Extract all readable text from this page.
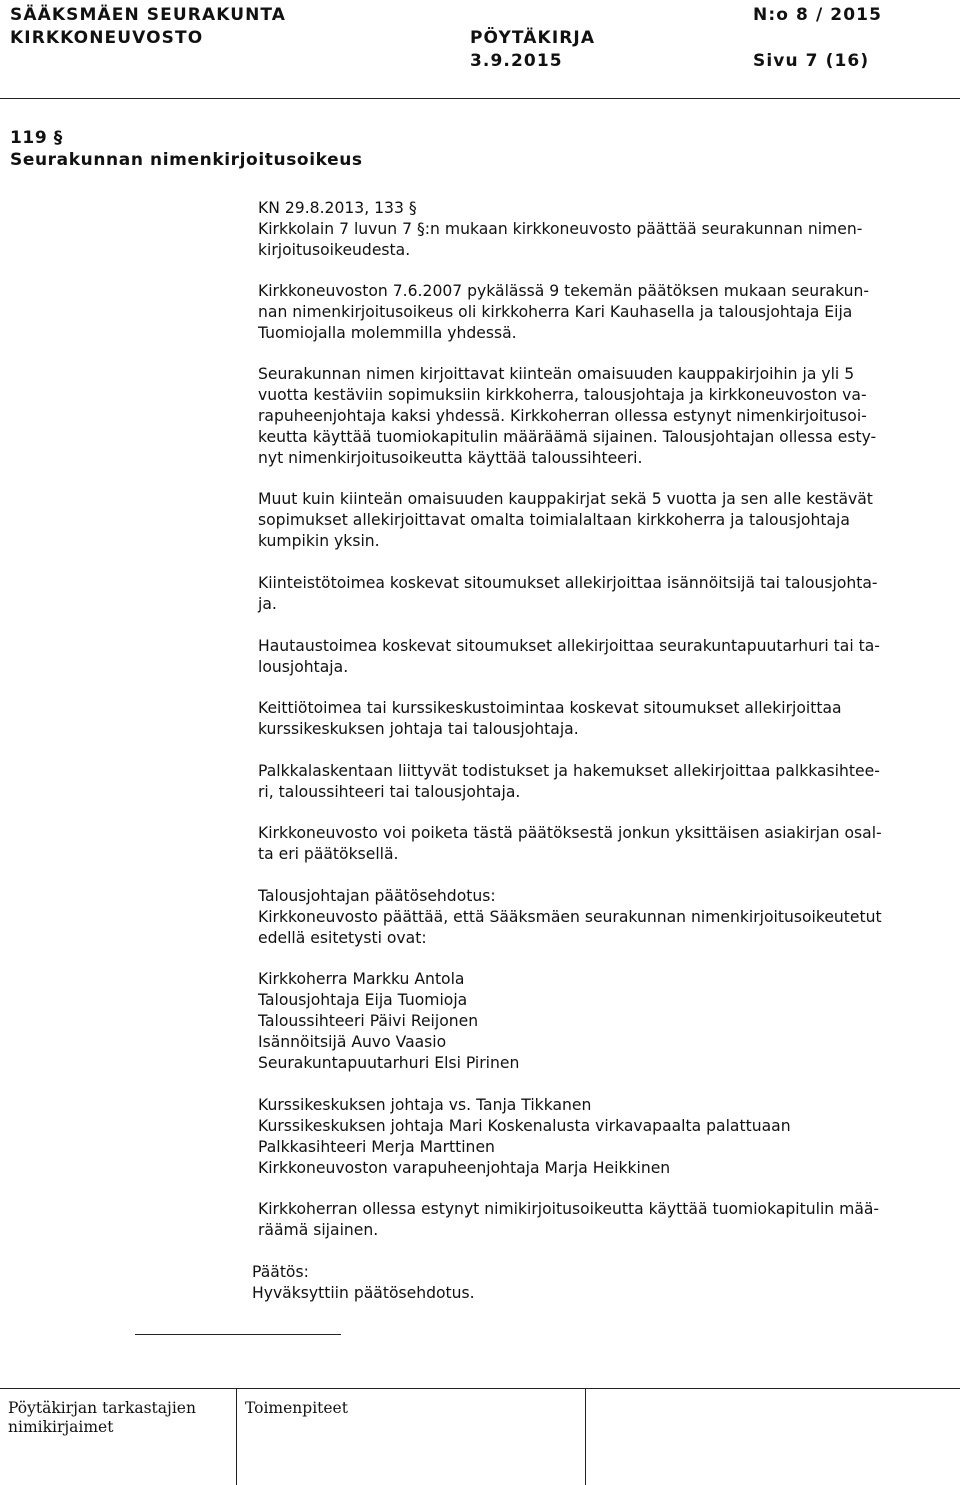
SÄÄKSMÄEN SEURAKUNTA	N:o 8 / 2015
KIRKKONEUVOSTO	PÖYTÄKIRJA
3.9.2015	Sivu 7 (16)
119 §
Seurakunnan nimenkirjoitusoikeus
KN 29.8.2013, 133 §
Kirkkolain 7 luvun 7 §:n mukaan kirkkoneuvosto päättää seurakunnan nimen-
kirjoitusoikeudesta.
Kirkkoneuvoston 7.6.2007 pykälässä 9 tekemän päätöksen mukaan seurakun-
nan nimenkirjoitusoikeus oli kirkkoherra Kari Kauhasella ja talousjohtaja Eija
Tuomiojalla molemmilla yhdessä.
Seurakunnan nimen kirjoittavat kiinteän omaisuuden kauppakirjoihin ja yli 5
vuotta kestäviin sopimuksiin kirkkoherra, talousjohtaja ja kirkkoneuvoston va-
rapuheenjohtaja kaksi yhdessä. Kirkkoherran ollessa estynyt nimenkirjoitusoi-
keutta käyttää tuomiokapitulin määräämä sijainen. Talousjohtajan ollessa esty-
nyt nimenkirjoitusoikeutta käyttää taloussihteeri.
Muut kuin kiinteän omaisuuden kauppakirjat sekä 5 vuotta ja sen alle kestävät
sopimukset allekirjoittavat omalta toimialaltaan kirkkoherra ja talousjohtaja
kumpikin yksin.
Kiinteistötoimea koskevat sitoumukset allekirjoittaa isännöitsijä tai talousjohta-
ja.
Hautaustoimea koskevat sitoumukset allekirjoittaa seurakuntapuutarhuri tai ta-
lousjohtaja.
Keittiötoimea tai kurssikeskustoimintaa koskevat sitoumukset allekirjoittaa
kurssikeskuksen johtaja tai talousjohtaja.
Palkkalaskentaan liittyvät todistukset ja hakemukset allekirjoittaa palkkasihtee-
ri, taloussihteeri tai talousjohtaja.
Kirkkoneuvosto voi poiketa tästä päätöksestä jonkun yksittäisen asiakirjan osal-
ta eri päätöksellä.
Talousjohtajan päätösehdotus:
Kirkkoneuvosto päättää, että Sääksmäen seurakunnan nimenkirjoitusoikeutetut
edellä esitetysti ovat:
Kirkkoherra Markku Antola
Talousjohtaja Eija Tuomioja
Taloussihteeri Päivi Reijonen
Isännöitsijä Auvo Vaasio
Seurakuntapuutarhuri Elsi Pirinen
Kurssikeskuksen johtaja vs. Tanja Tikkanen
Kurssikeskuksen johtaja Mari Koskenalusta virkavapaalta palattuaan
Palkkasihteeri Merja Marttinen
Kirkkoneuvoston varapuheenjohtaja Marja Heikkinen
Kirkkoherran ollessa estynyt nimikirjoitusoikeutta käyttää tuomiokapitulin mää-
räämä sijainen.
Päätös:
Hyväksyttiin päätösehdotus.
Pöytäkirjan tarkastajien
nimikirjaimet
Toimenpiteet
